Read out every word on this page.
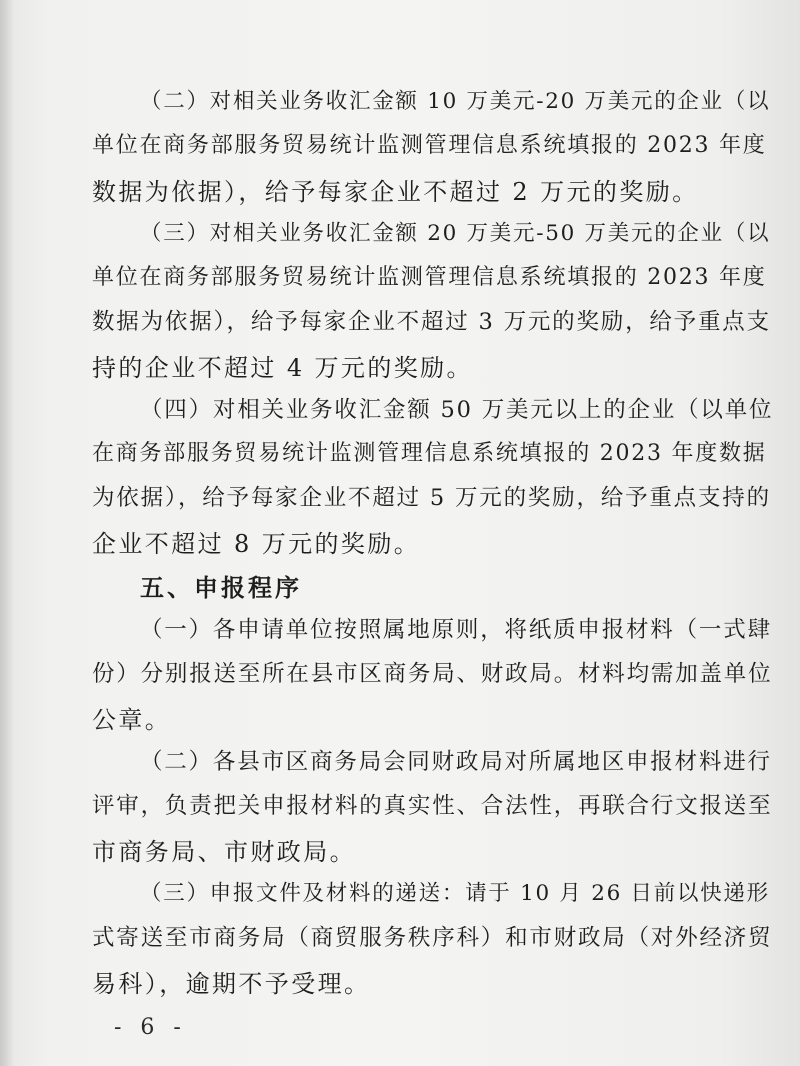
（二）对相关业务收汇金额 10 万美元-20 万美元的企业（以
单位在商务部服务贸易统计监测管理信息系统填报的 2023 年度
数据为依据），给予每家企业不超过 2 万元的奖励。
（三）对相关业务收汇金额 20 万美元-50 万美元的企业（以
单位在商务部服务贸易统计监测管理信息系统填报的 2023 年度
数据为依据），给予每家企业不超过 3 万元的奖励，给予重点支
持的企业不超过 4 万元的奖励。
（四）对相关业务收汇金额 50 万美元以上的企业（以单位
在商务部服务贸易统计监测管理信息系统填报的 2023 年度数据
为依据），给予每家企业不超过 5 万元的奖励，给予重点支持的
企业不超过 8 万元的奖励。
五、申报程序
（一）各申请单位按照属地原则，将纸质申报材料（一式肆
份）分别报送至所在县市区商务局、财政局。材料均需加盖单位
公章。
（二）各县市区商务局会同财政局对所属地区申报材料进行
评审，负责把关申报材料的真实性、合法性，再联合行文报送至
市商务局、市财政局。
（三）申报文件及材料的递送：请于 10 月 26 日前以快递形
式寄送至市商务局（商贸服务秩序科）和市财政局（对外经济贸
易科），逾期不予受理。
- 6 -
